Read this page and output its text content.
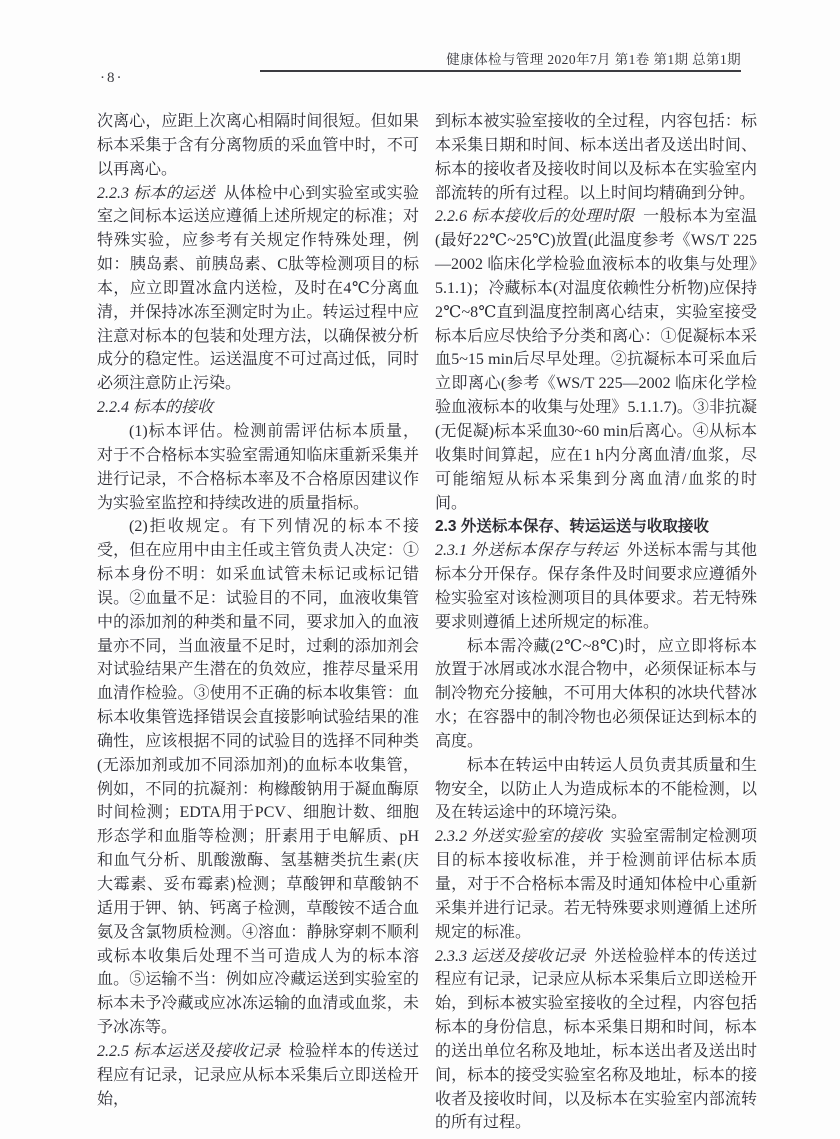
·8·
健康体检与管理 2020年7月 第1卷 第1期 总第1期

次离心，应距上次离心相隔时间很短。但如果标本采集于含有分离物质的采血管中时，不可以再离心。

2.2.3 标本的运送 从体检中心到实验室或实验室之间标本运送应遵循上述所规定的标准；对特殊实验，应参考有关规定作特殊处理，例如：胰岛素、前胰岛素、C肽等检测项目的标本，应立即置冰盒内送检，及时在4℃分离血清，并保持冰冻至测定时为止。转运过程中应注意对标本的包装和处理方法，以确保被分析成分的稳定性。运送温度不可过高过低，同时必须注意防止污染。

2.2.4 标本的接收

(1)标本评估。检测前需评估标本质量，对于不合格标本实验室需通知临床重新采集并进行记录，不合格标本率及不合格原因建议作为实验室监控和持续改进的质量指标。

(2)拒收规定。有下列情况的标本不接受，但在应用中由主任或主管负责人决定：①标本身份不明：如采血试管未标记或标记错误。②血量不足：试验目的不同，血液收集管中的添加剂的种类和量不同，要求加入的血液量亦不同，当血液量不足时，过剩的添加剂会对试验结果产生潜在的负效应，推荐尽量采用血清作检验。③使用不正确的标本收集管：血标本收集管选择错误会直接影响试验结果的准确性，应该根据不同的试验目的选择不同种类(无添加剂或加不同添加剂)的血标本收集管，例如，不同的抗凝剂：枸橼酸钠用于凝血酶原时间检测；EDTA用于PCV、细胞计数、细胞形态学和血脂等检测；肝素用于电解质、pH和血气分析、肌酸激酶、氢基糖类抗生素(庆大霉素、妥布霉素)检测；草酸钾和草酸钠不适用于钾、钠、钙离子检测，草酸铵不适合血氨及含氯物质检测。④溶血：静脉穿刺不顺利或标本收集后处理不当可造成人为的标本溶血。⑤运输不当：例如应冷藏运送到实验室的标本未予冷藏或应冰冻运输的血清或血浆，未予冰冻等。

2.2.5 标本运送及接收记录 检验样本的传送过程应有记录，记录应从标本采集后立即送检开始，

到标本被实验室接收的全过程，内容包括：标本采集日期和时间、标本送出者及送出时间、标本的接收者及接收时间以及标本在实验室内部流转的所有过程。以上时间均精确到分钟。

2.2.6 标本接收后的处理时限 一般标本为室温(最好22℃~25℃)放置(此温度参考《WS/T 225—2002 临床化学检验血液标本的收集与处理》5.1.1)；冷藏标本(对温度依赖性分析物)应保持2℃~8℃直到温度控制离心结束，实验室接受标本后应尽快给予分类和离心：①促凝标本采血5~15 min后尽早处理。②抗凝标本可采血后立即离心(参考《WS/T 225—2002 临床化学检验血液标本的收集与处理》5.1.1.7)。③非抗凝(无促凝)标本采血30~60 min后离心。④从标本收集时间算起，应在1 h内分离血清/血浆，尽可能缩短从标本采集到分离血清/血浆的时间。

2.3 外送标本保存、转运运送与收取接收

2.3.1 外送标本保存与转运 外送标本需与其他标本分开保存。保存条件及时间要求应遵循外检实验室对该检测项目的具体要求。若无特殊要求则遵循上述所规定的标准。

标本需冷藏(2℃~8℃)时，应立即将标本放置于冰屑或冰水混合物中，必须保证标本与制冷物充分接触，不可用大体积的冰块代替冰水；在容器中的制冷物也必须保证达到标本的高度。

标本在转运中由转运人员负责其质量和生物安全，以防止人为造成标本的不能检测，以及在转运途中的环境污染。

2.3.2 外送实验室的接收 实验室需制定检测项目的标本接收标准，并于检测前评估标本质量，对于不合格标本需及时通知体检中心重新采集并进行记录。若无特殊要求则遵循上述所规定的标准。

2.3.3 运送及接收记录 外送检验样本的传送过程应有记录，记录应从标本采集后立即送检开始，到标本被实验室接收的全过程，内容包括标本的身份信息，标本采集日期和时间，标本的送出单位名称及地址，标本送出者及送出时间，标本的接受实验室名称及地址，标本的接收者及接收时间，以及标本在实验室内部流转的所有过程。
